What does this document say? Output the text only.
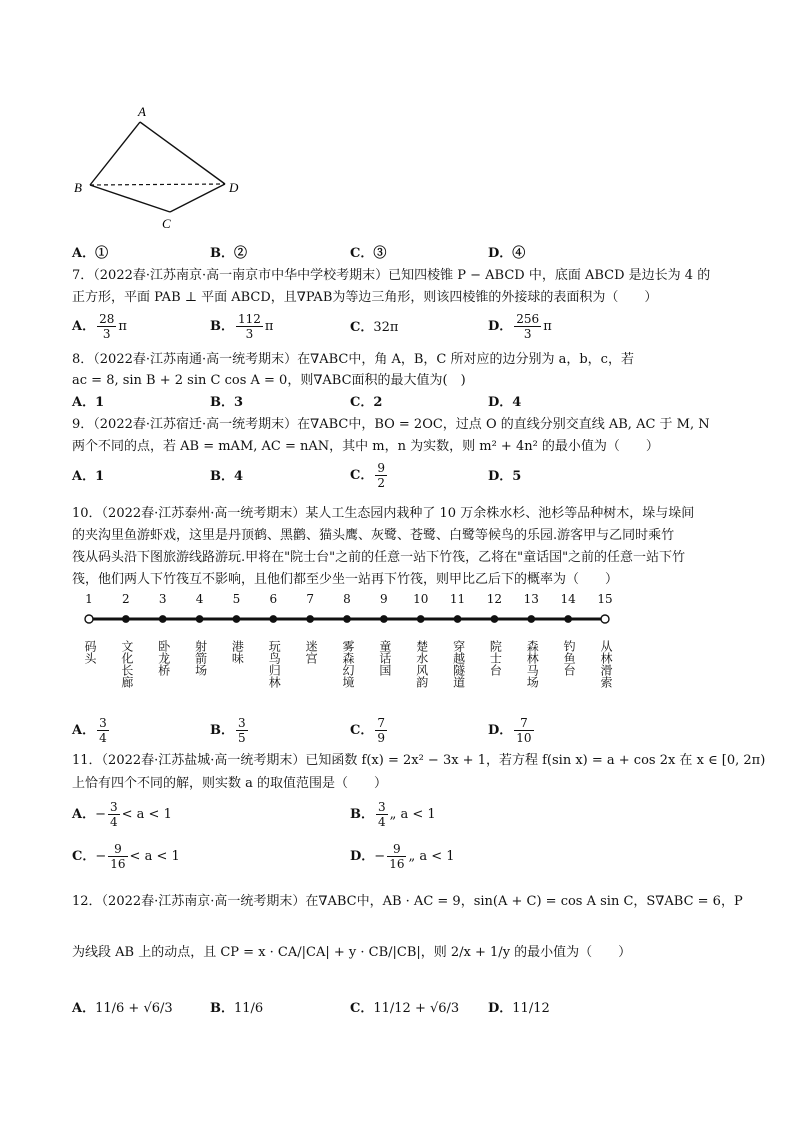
A
B
C
D
A．①	B．②	C．③	D．④
7．（2022春·江苏南京·高一南京市中华中学校考期末）已知四棱锥 P − ABCD 中，底面 ABCD 是边长为 4 的
正方形，平面 PAB ⊥ 平面 ABCD，且∇PAB为等边三角形，则该四棱锥的外接球的表面积为（　　）
A． $\frac{28}{3}$ π	B． $\frac{112}{3}$ π	C．32π	D． $\frac{256}{3}$ π
8．（2022春·江苏南通·高一统考期末）在∇ABC中，角 A，B，C 所对应的边分别为 a，b，c，若
ac = 8, sin B + 2 sin C cos A = 0，则∇ABC面积的最大值为(　)
A．1	B．3	C．2	D．4
9．（2022春·江苏宿迁·高一统考期末）在∇ABC中，BO = 2OC，过点 O 的直线分别交直线 AB, AC 于 M, N
两个不同的点，若 AB = mAM, AC = nAN，其中 m，n 为实数，则 m² + 4n² 的最小值为（　　）
A．1	B．4	C． $\frac{9}{2}$	D．5
10．（2022春·江苏泰州·高一统考期末）某人工生态园内栽种了 10 万余株水杉、池杉等品种树木，垛与垛间
的夹沟里鱼游虾戏，这里是丹顶鹤、黑鹳、猫头鹰、灰鹭、苍鹭、白鹭等候鸟的乐园.游客甲与乙同时乘竹
筏从码头沿下图旅游线路游玩.甲将在"院士台"之前的任意一站下竹筏，乙将在"童话国"之前的任意一站下竹
筏，他们两人下竹筏互不影响，且他们都至少坐一站再下竹筏，则甲比乙后下的概率为（　　）
1
码头
2
文化长廊
3
卧龙桥
4
射箭场
5
港味
6
玩鸟归林
7
迷宫
8
雾森幻境
9
童话国
10
楚水风韵
11
穿越隧道
12
院士台
13
森林马场
14
钓鱼台
15
从林滑索
A． $\frac{3}{4}$	B． $\frac{3}{5}$	C． $\frac{7}{9}$	D． $\frac{7}{10}$
11．（2022春·江苏盐城·高一统考期末）已知函数 f(x) = 2x² − 3x + 1，若方程 f(sin x) = a + cos 2x 在 x ∈ [0, 2π)
上恰有四个不同的解，则实数 a 的取值范围是（　　）
A．− $\frac{3}{4} < a < 1$	B． $\frac{3}{4}$ „ a < 1
C．− $\frac{9}{16} < a < 1$	D．− $\frac{9}{16}$ „ a < 1
12．（2022春·江苏南京·高一统考期末）在∇ABC中，AB · AC = 9，sin(A + C) = cos A sin C，S∇ABC = 6，P
为线段 AB 上的动点，且 CP = x · CA/|CA| + y · CB/|CB|，则 2/x + 1/y 的最小值为（　　）
A．11/6 + √6/3	B．11/6	C．11/12 + √6/3 D．11/12
